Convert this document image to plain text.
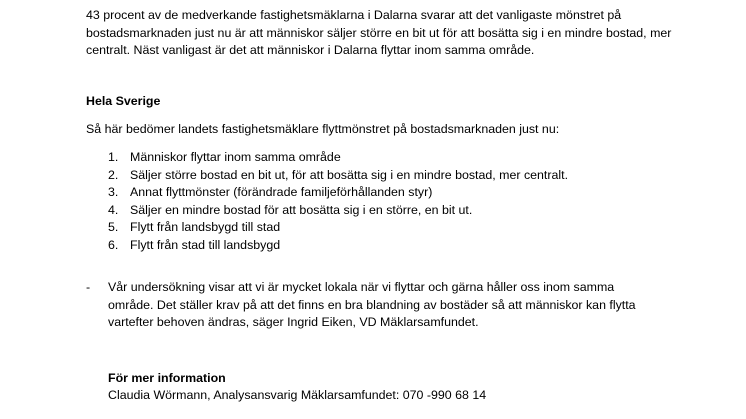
43 procent av de medverkande fastighetsmäklarna i Dalarna svarar att det vanligaste mönstret på bostadsmarknaden just nu är att människor säljer större en bit ut för att bosätta sig i en mindre bostad, mer centralt. Näst vanligast är det att människor i Dalarna flyttar inom samma område.

Hela Sverige

Så här bedömer landets fastighetsmäklare flyttmönstret på bostadsmarknaden just nu:

1. Människor flyttar inom samma område
2. Säljer större bostad en bit ut, för att bosätta sig i en mindre bostad, mer centralt.
3. Annat flyttmönster (förändrade familjeförhållanden styr)
4. Säljer en mindre bostad för att bosätta sig i en större, en bit ut.
5. Flytt från landsbygd till stad
6. Flytt från stad till landsbygd
- Vår undersökning visar att vi är mycket lokala när vi flyttar och gärna håller oss inom samma område. Det ställer krav på att det finns en bra blandning av bostäder så att människor kan flytta vartefter behoven ändras, säger Ingrid Eiken, VD Mäklarsamfundet.
För mer information
Claudia Wörmann, Analysansvarig Mäklarsamfundet: 070 -990 68 14
